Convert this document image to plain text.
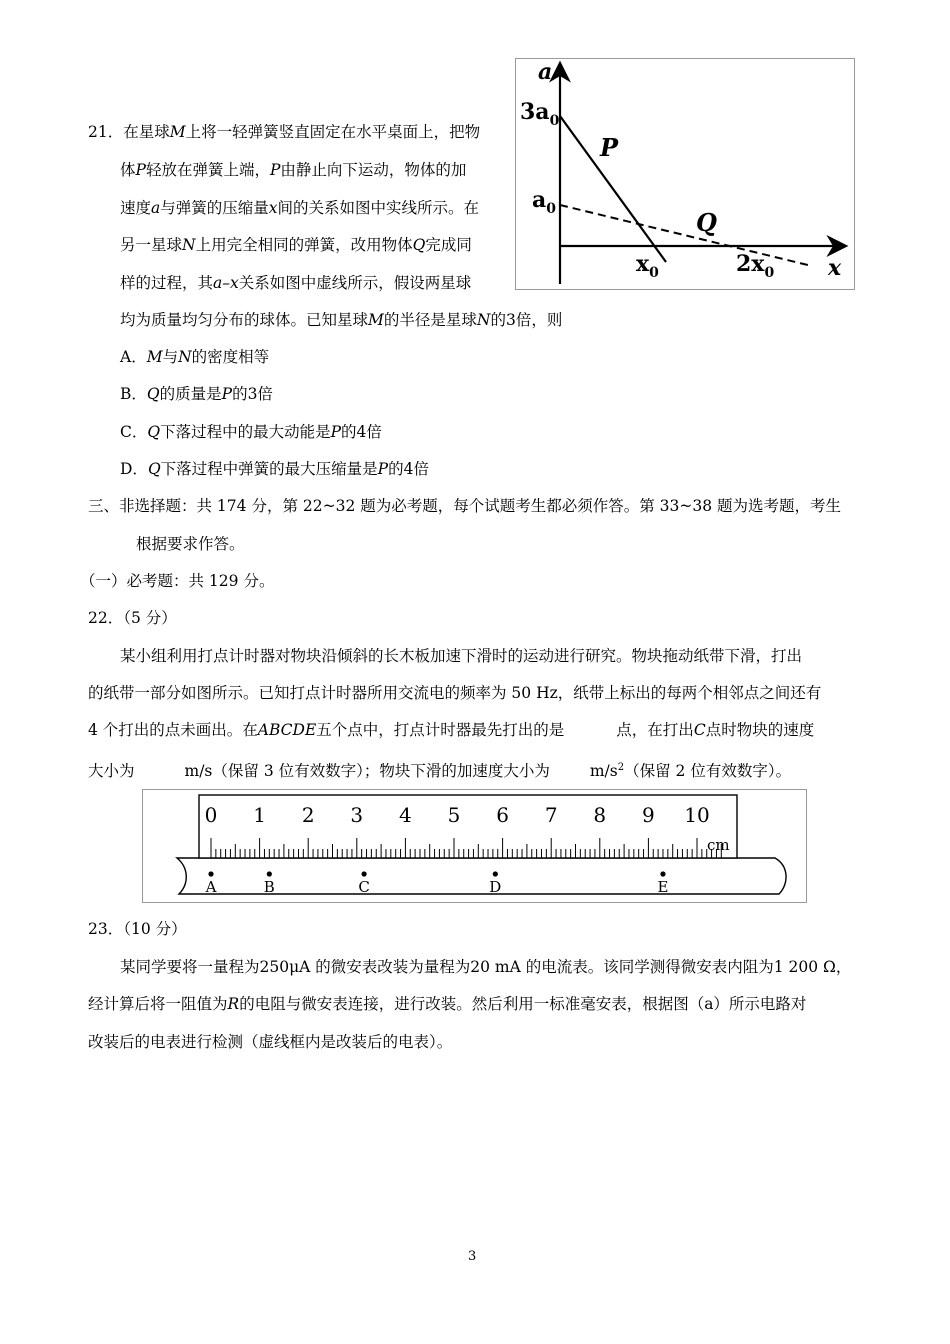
21．在星球M上将一轻弹簧竖直固定在水平桌面上，把物
体P轻放在弹簧上端，P由静止向下运动，物体的加
速度a与弹簧的压缩量x间的关系如图中实线所示。在
另一星球N上用完全相同的弹簧，改用物体Q完成同
样的过程，其a–x关系如图中虚线所示，假设两星球
均为质量均匀分布的球体。已知星球M的半径是星球N的3倍，则
A．M与N的密度相等
B．Q的质量是P的3倍
C．Q下落过程中的最大动能是P的4倍
D．Q下落过程中弹簧的最大压缩量是P的4倍
a
x
$3a_0$
$a_0$
$x_0$	$2x_0$
P
Q
三、非选择题：共 174 分，第 22~32 题为必考题，每个试题考生都必须作答。第 33~38 题为选考题，考生
根据要求作答。
（一）必考题：共 129 分。
22．（5 分）
某小组利用打点计时器对物块沿倾斜的长木板加速下滑时的运动进行研究。物块拖动纸带下滑，打出
的纸带一部分如图所示。已知打点计时器所用交流电的频率为 50 Hz，纸带上标出的每两个相邻点之间还有
4 个打出的点未画出。在ABCDE五个点中，打点计时器最先打出的是	点，在打出C点时物块的速度
大小为	m/s（保留 3 位有效数字）；物块下滑的加速度大小为	$m/s^2$（保留 2 位有效数字）。
0 1 2 3 4 5 6 7 8 9 10
cm
A	B	C	D	E
23．（10 分）
某同学要将一量程为250μA 的微安表改装为量程为20 mA 的电流表。该同学测得微安表内阻为1 200 Ω，
经计算后将一阻值为R的电阻与微安表连接，进行改装。然后利用一标准毫安表，根据图（a）所示电路对
改装后的电表进行检测（虚线框内是改装后的电表）。
3
